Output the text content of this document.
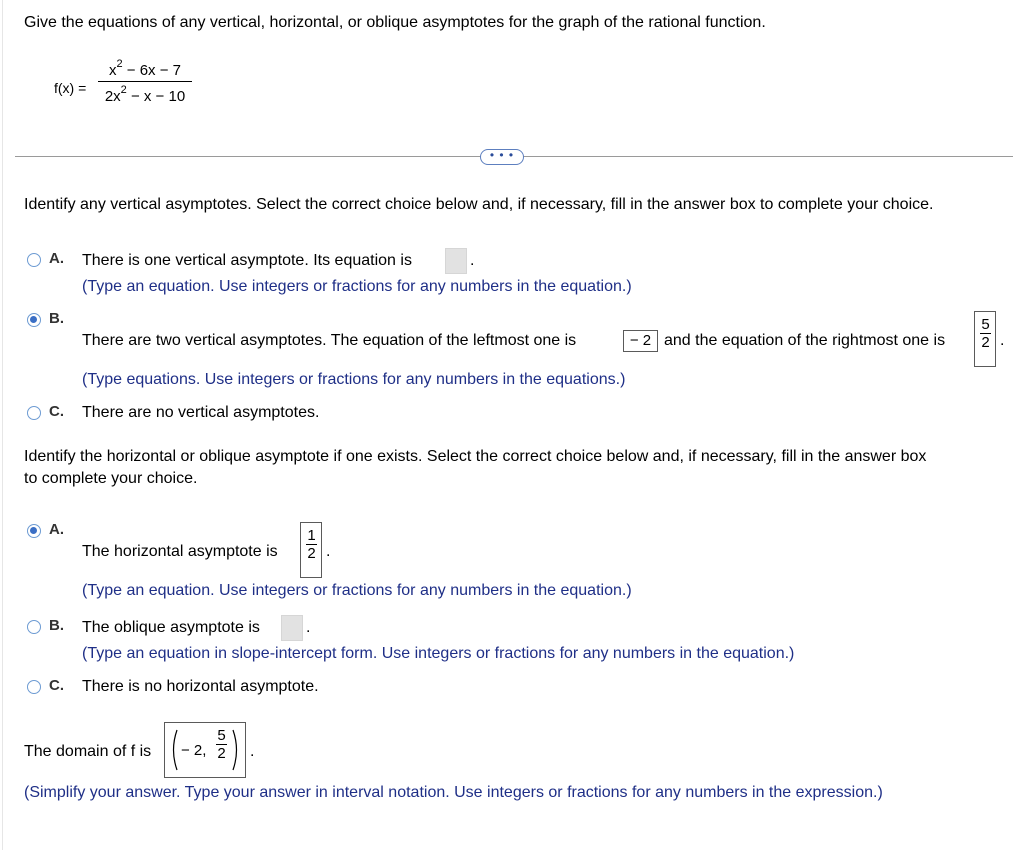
Give the equations of any vertical, horizontal, or oblique asymptotes for the graph of the rational function.
f(x) =
$x^2 - 6x - 7$
$2x^2 - x - 10$
• • •
Identify any vertical asymptotes. Select the correct choice below and, if necessary, fill in the answer box to complete your choice.
A. There is one vertical asymptote. Its equation is	.
(Type an equation. Use integers or fractions for any numbers in the equation.)
B.
There are two vertical asymptotes. The equation of the leftmost one is	− 2 and the equation of the rightmost one is
5
2 .
(Type equations. Use integers or fractions for any numbers in the equations.)
C. There are no vertical asymptotes.
Identify the horizontal or oblique asymptote if one exists. Select the correct choice below and, if necessary, fill in the answer box
to complete your choice.
A.
The horizontal asymptote is
1
2 .
(Type an equation. Use integers or fractions for any numbers in the equation.)
B. The oblique asymptote is	.
(Type an equation in slope-intercept form. Use integers or fractions for any numbers in the equation.)
C. There is no horizontal asymptote.
The domain of f is − 2,
5
2 .
(Simplify your answer. Type your answer in interval notation. Use integers or fractions for any numbers in the expression.)
